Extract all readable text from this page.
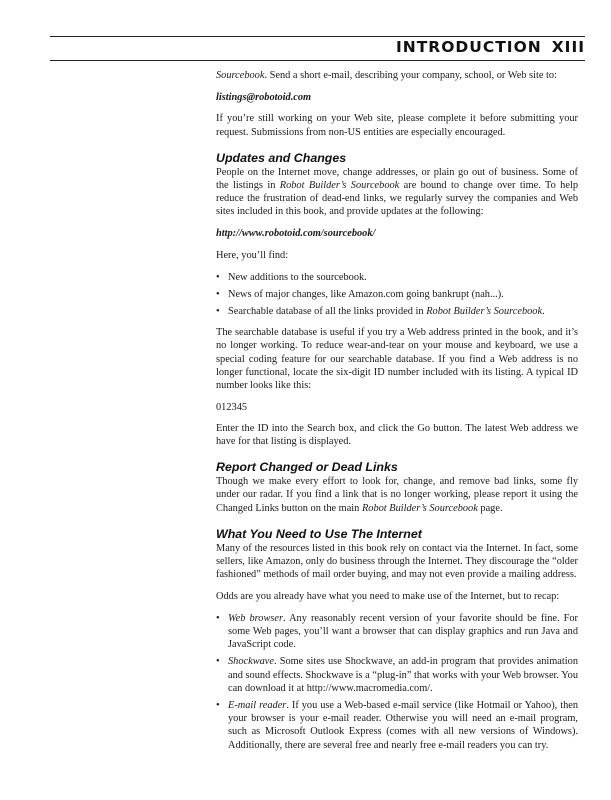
INTRODUCTION XIII

Sourcebook. Send a short e-mail, describing your company, school, or Web site to:

listings@robotoid.com

If you’re still working on your Web site, please complete it before submitting your request. Submissions from non-US entities are especially encouraged.

Updates and Changes

People on the Internet move, change addresses, or plain go out of business. Some of the listings in Robot Builder’s Sourcebook are bound to change over time. To help reduce the frustration of dead-end links, we regularly survey the companies and Web sites included in this book, and provide updates at the following:

http://www.robotoid.com/sourcebook/

Here, you’ll find:

• New additions to the sourcebook.
• News of major changes, like Amazon.com going bankrupt (nah...).
• Searchable database of all the links provided in Robot Builder’s Sourcebook.

The searchable database is useful if you try a Web address printed in the book, and it’s no longer working. To reduce wear-and-tear on your mouse and keyboard, we use a special coding feature for our searchable database. If you find a Web address is no longer functional, locate the six-digit ID number included with its listing. A typical ID number looks like this:

012345

Enter the ID into the Search box, and click the Go button. The latest Web address we have for that listing is displayed.

Report Changed or Dead Links

Though we make every effort to look for, change, and remove bad links, some fly under our radar. If you find a link that is no longer working, please report it using the Changed Links button on the main Robot Builder’s Sourcebook page.

What You Need to Use The Internet

Many of the resources listed in this book rely on contact via the Internet. In fact, some sellers, like Amazon, only do business through the Internet. They discourage the “older fashioned” methods of mail order buying, and may not even provide a mailing address.

Odds are you already have what you need to make use of the Internet, but to recap:

• Web browser. Any reasonably recent version of your favorite should be fine. For some Web pages, you’ll want a browser that can display graphics and run Java and JavaScript code.
• Shockwave. Some sites use Shockwave, an add-in program that provides animation and sound effects. Shockwave is a “plug-in” that works with your Web browser. You can download it at http://www.macromedia.com/.
• E-mail reader. If you use a Web-based e-mail service (like Hotmail or Yahoo), then your browser is your e-mail reader. Otherwise you will need an e-mail program, such as Microsoft Outlook Express (comes with all new versions of Windows). Additionally, there are several free and nearly free e-mail readers you can try.
